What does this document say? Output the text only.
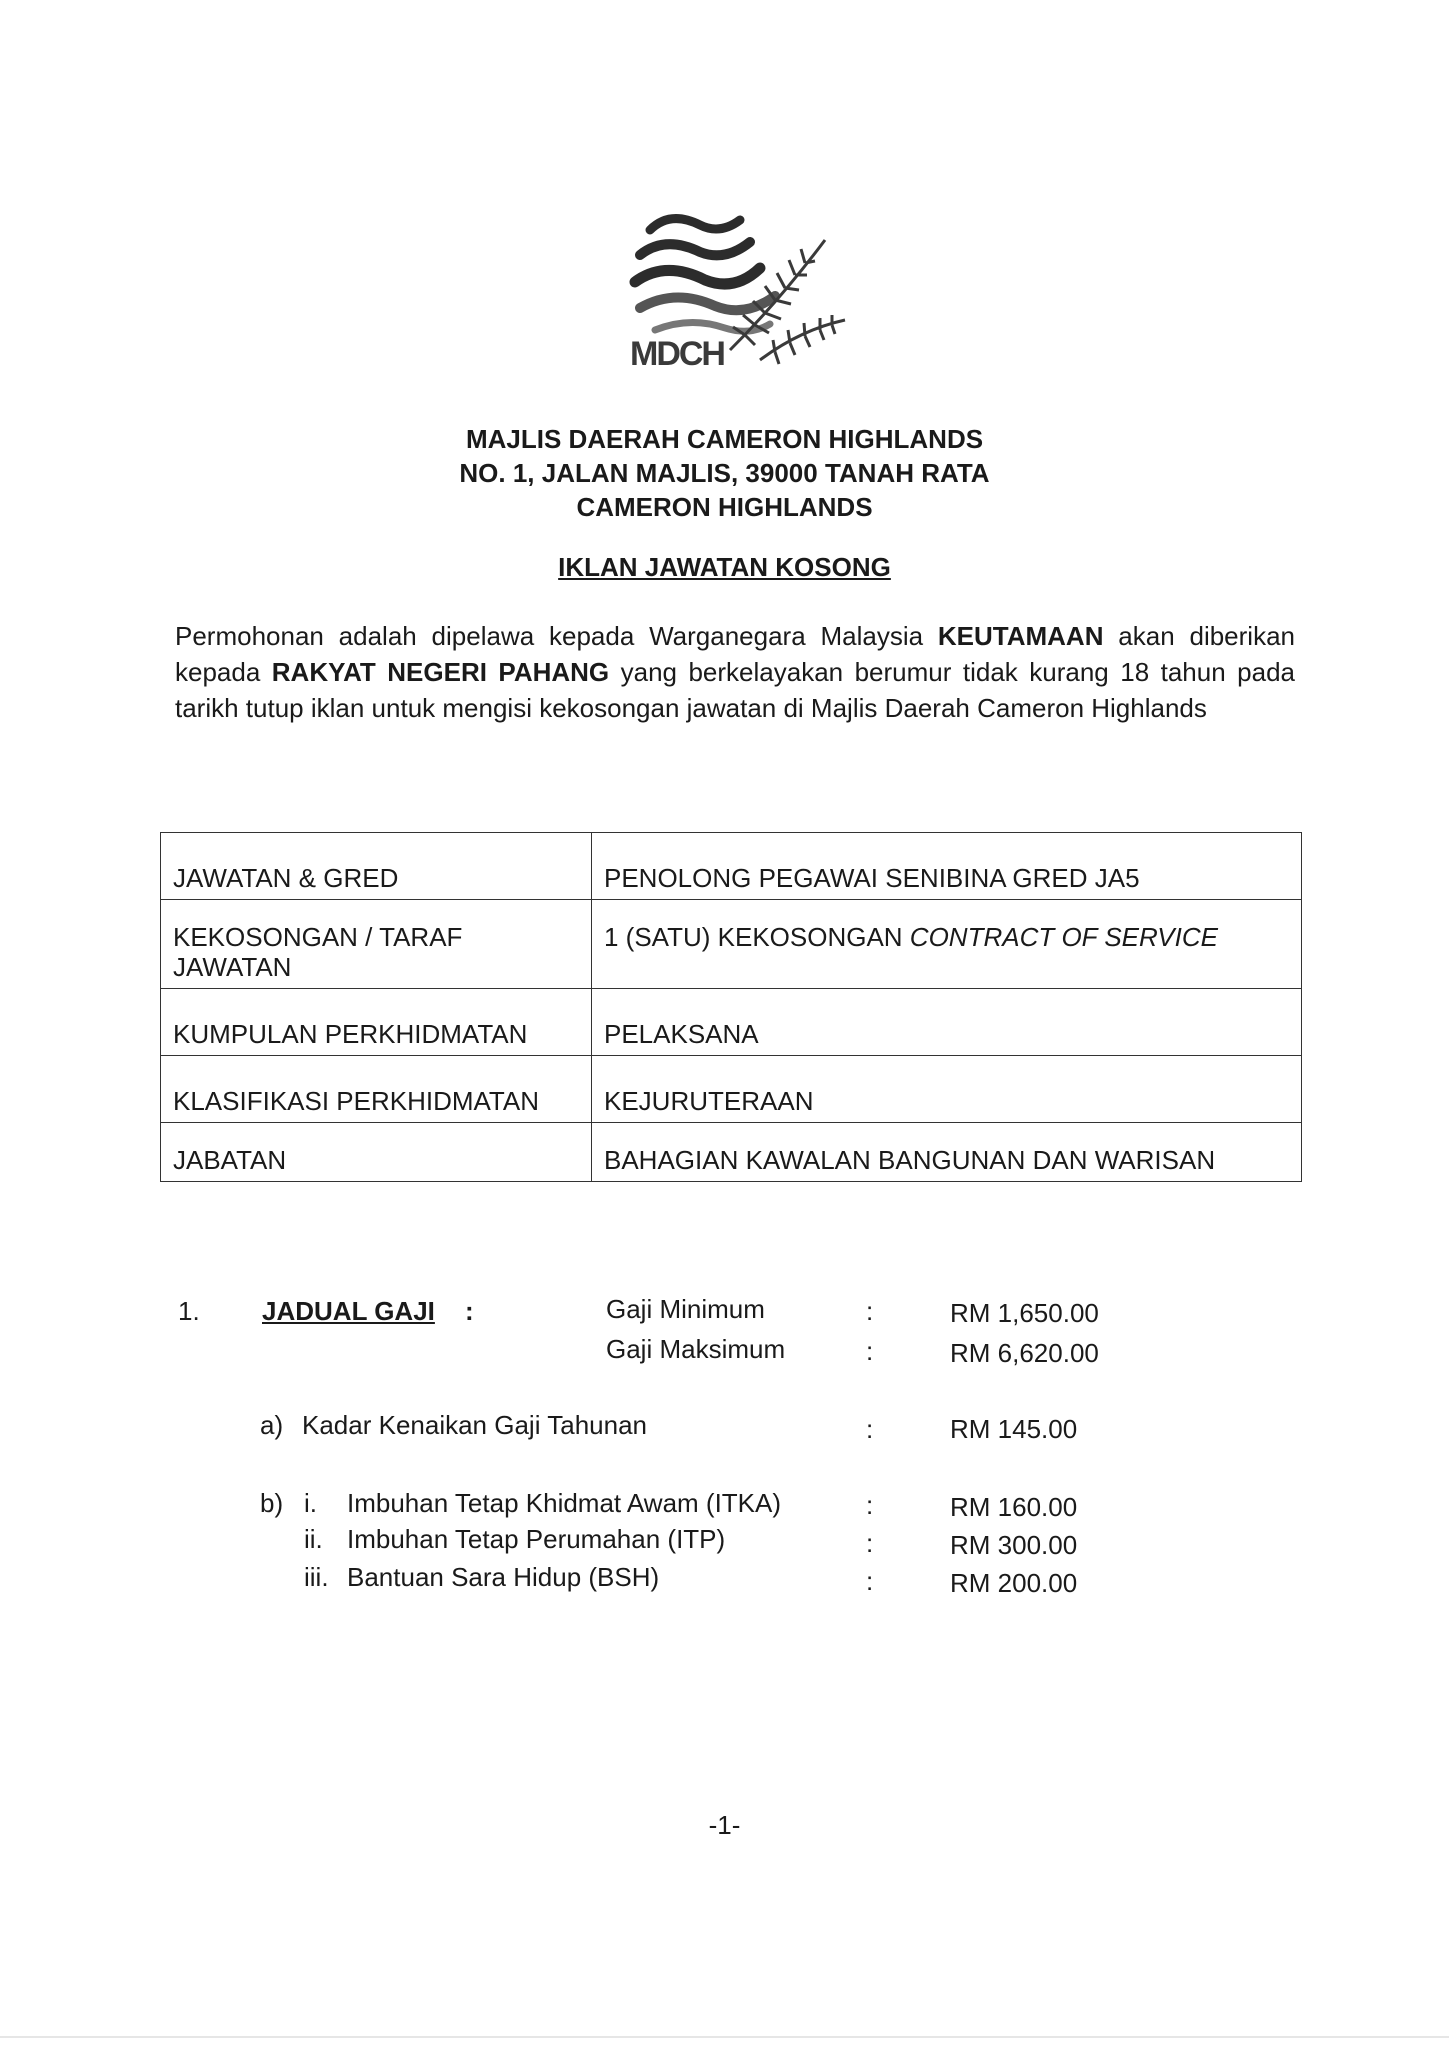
MDCH
MAJLIS DAERAH CAMERON HIGHLANDS
NO. 1, JALAN MAJLIS, 39000 TANAH RATA
CAMERON HIGHLANDS
IKLAN JAWATAN KOSONG
Permohonan adalah dipelawa kepada Warganegara Malaysia KEUTAMAAN akan diberikan kepada RAKYAT NEGERI PAHANG yang berkelayakan berumur tidak kurang 18 tahun pada tarikh tutup iklan untuk mengisi kekosongan jawatan di Majlis Daerah Cameron Highlands
JAWATAN & GRED	PENOLONG PEGAWAI SENIBINA GRED JA5
KEKOSONGAN / TARAF JAWATAN	1 (SATU) KEKOSONGAN CONTRACT OF SERVICE
KUMPULAN PERKHIDMATAN	PELAKSANA
KLASIFIKASI PERKHIDMATAN	KEJURUTERAAN
JABATAN	BAHAGIAN KAWALAN BANGUNAN DAN WARISAN
1. JADUAL GAJI :	Gaji Minimum	:	RM 1,650.00
Gaji Maksimum	:	RM 6,620.00
a) Kadar Kenaikan Gaji Tahunan	:	RM 145.00
b) i. Imbuhan Tetap Khidmat Awam (ITKA)	:	RM 160.00
ii. Imbuhan Tetap Perumahan (ITP)	:	RM 300.00
iii. Bantuan Sara Hidup (BSH)	:	RM 200.00
-1-
